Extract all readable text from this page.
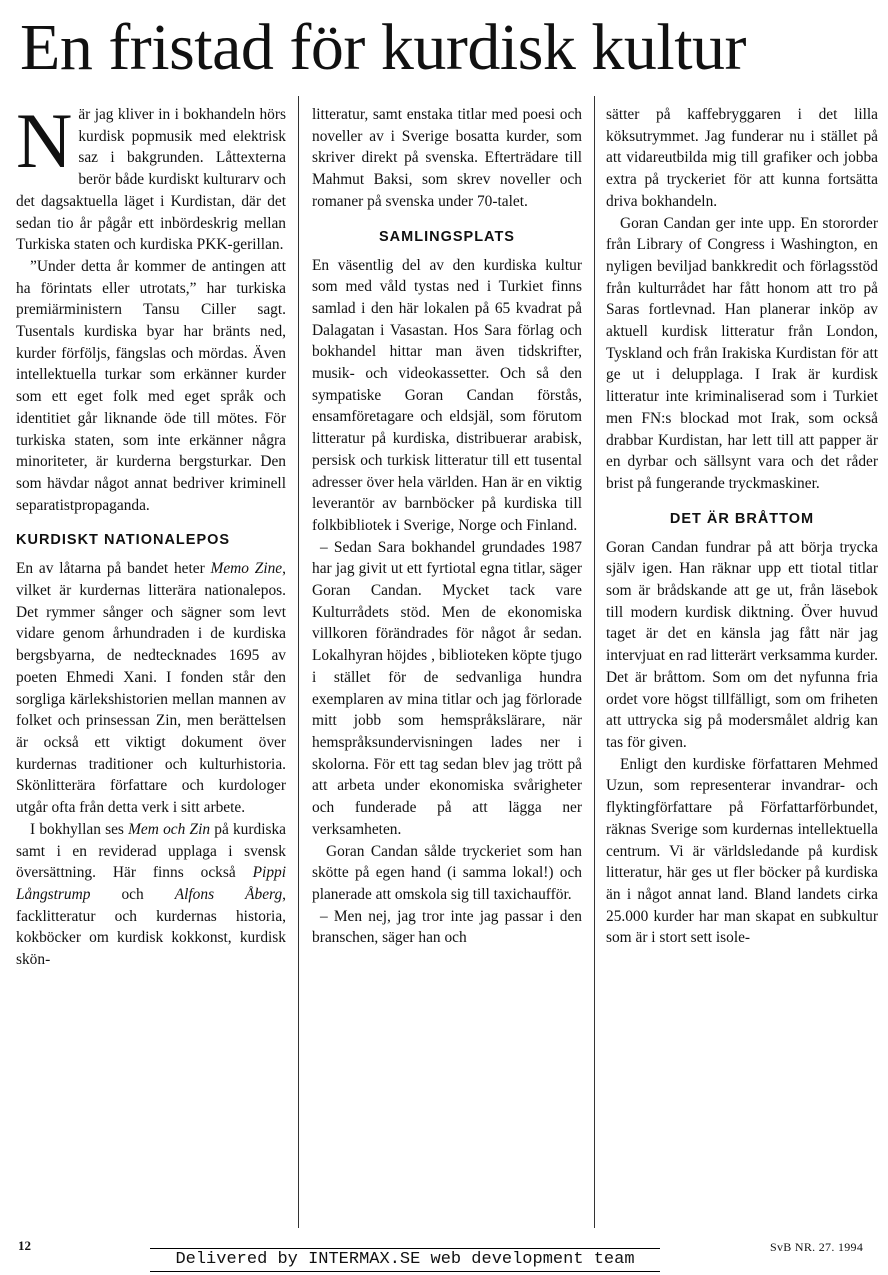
En fristad för kurdisk kultur

När jag kliver in i bokhandeln hörs kurdisk popmusik med elektrisk saz i bakgrunden. Låttexterna berör både kurdiskt kulturarv och det dagsaktuella läget i Kurdistan, där det sedan tio år pågår ett inbördeskrig mellan Turkiska staten och kurdiska PKK-gerillan.

”Under detta år kommer de antingen att ha förintats eller utrotats,” har turkiska premiärministern Tansu Ciller sagt. Tusentals kurdiska byar har bränts ned, kurder förföljs, fängslas och mördas. Även intellektuella turkar som erkänner kurder som ett eget folk med eget språk och identitiet går liknande öde till mötes. För turkiska staten, som inte erkänner några minoriteter, är kurderna bergsturkar. Den som hävdar något annat bedriver kriminell separatistpropaganda.

KURDISKT NATIONALEPOS

En av låtarna på bandet heter Memo Zine, vilket är kurdernas litterära nationalepos. Det rymmer sånger och sägner som levt vidare genom århundraden i de kurdiska bergsbyarna, de nedtecknades 1695 av poeten Ehmedi Xani. I fonden står den sorgliga kärlekshistorien mellan mannen av folket och prinsessan Zin, men berättelsen är också ett viktigt dokument över kurdernas traditioner och kulturhistoria. Skönlitterära författare och kurdologer utgår ofta från detta verk i sitt arbete.

I bokhyllan ses Mem och Zin på kurdiska samt i en reviderad upplaga i svensk översättning. Här finns också Pippi Långstrump och Alfons Åberg, facklitteratur och kurdernas historia, kokböcker om kurdisk kokkonst, kurdisk skön-

litteratur, samt enstaka titlar med poesi och noveller av i Sverige bosatta kurder, som skriver direkt på svenska. Efterträdare till Mahmut Baksi, som skrev noveller och romaner på svenska under 70-talet.

SAMLINGSPLATS

En väsentlig del av den kurdiska kultur som med våld tystas ned i Turkiet finns samlad i den här lokalen på 65 kvadrat på Dalagatan i Vasastan. Hos Sara förlag och bokhandel hittar man även tidskrifter, musik- och videokassetter. Och så den sympatiske Goran Candan förstås, ensamföretagare och eldsjäl, som förutom litteratur på kurdiska, distribuerar arabisk, persisk och turkisk litteratur till ett tusental adresser över hela världen. Han är en viktig leverantör av barnböcker på kurdiska till folkbibliotek i Sverige, Norge och Finland.

– Sedan Sara bokhandel grundades 1987 har jag givit ut ett fyrtiotal egna titlar, säger Goran Candan. Mycket tack vare Kulturrådets stöd. Men de ekonomiska villkoren förändrades för något år sedan. Lokalhyran höjdes , biblioteken köpte tjugo i stället för de sedvanliga hundra exemplaren av mina titlar och jag förlorade mitt jobb som hemspråkslärare, när hemspråksundervisningen lades ner i skolorna. För ett tag sedan blev jag trött på att arbeta under ekonomiska svårigheter och funderade på att lägga ner verksamheten.

Goran Candan sålde tryckeriet som han skötte på egen hand (i samma lokal!) och planerade att omskola sig till taxichaufför.

– Men nej, jag tror inte jag passar i den branschen, säger han och

sätter på kaffebryggaren i det lilla köksutrymmet. Jag funderar nu i stället på att vidareutbilda mig till grafiker och jobba extra på tryckeriet för att kunna fortsätta driva bokhandeln.

Goran Candan ger inte upp. En stororder från Library of Congress i Washington, en nyligen beviljad bankkredit och förlagsstöd från kulturrådet har fått honom att tro på Saras fortlevnad. Han planerar inköp av aktuell kurdisk litteratur från London, Tyskland och från Irakiska Kurdistan för att ge ut i delupplaga. I Irak är kurdisk litteratur inte kriminaliserad som i Turkiet men FN:s blockad mot Irak, som också drabbar Kurdistan, har lett till att papper är en dyrbar och sällsynt vara och det råder brist på fungerande tryckmaskiner.

DET ÄR BRÅTTOM

Goran Candan fundrar på att börja trycka själv igen. Han räknar upp ett tiotal titlar som är brådskande att ge ut, från läsebok till modern kurdisk diktning. Över huvud taget är det en känsla jag fått när jag intervjuat en rad litterärt verksamma kurder. Det är bråttom. Som om det nyfunna fria ordet vore högst tillfälligt, som om friheten att uttrycka sig på modersmålet aldrig kan tas för given.

Enligt den kurdiske författaren Mehmed Uzun, som representerar invandrar- och flyktingförfattare på Författarförbundet, räknas Sverige som kurdernas intellektuella centrum. Vi är världsledande på kurdisk litteratur, här ges ut fler böcker på kurdiska än i något annat land. Bland landets cirka 25.000 kurder har man skapat en subkultur som är i stort sett isole-

12
Delivered by INTERMAX.SE web development team
SvB NR. 27. 1994
